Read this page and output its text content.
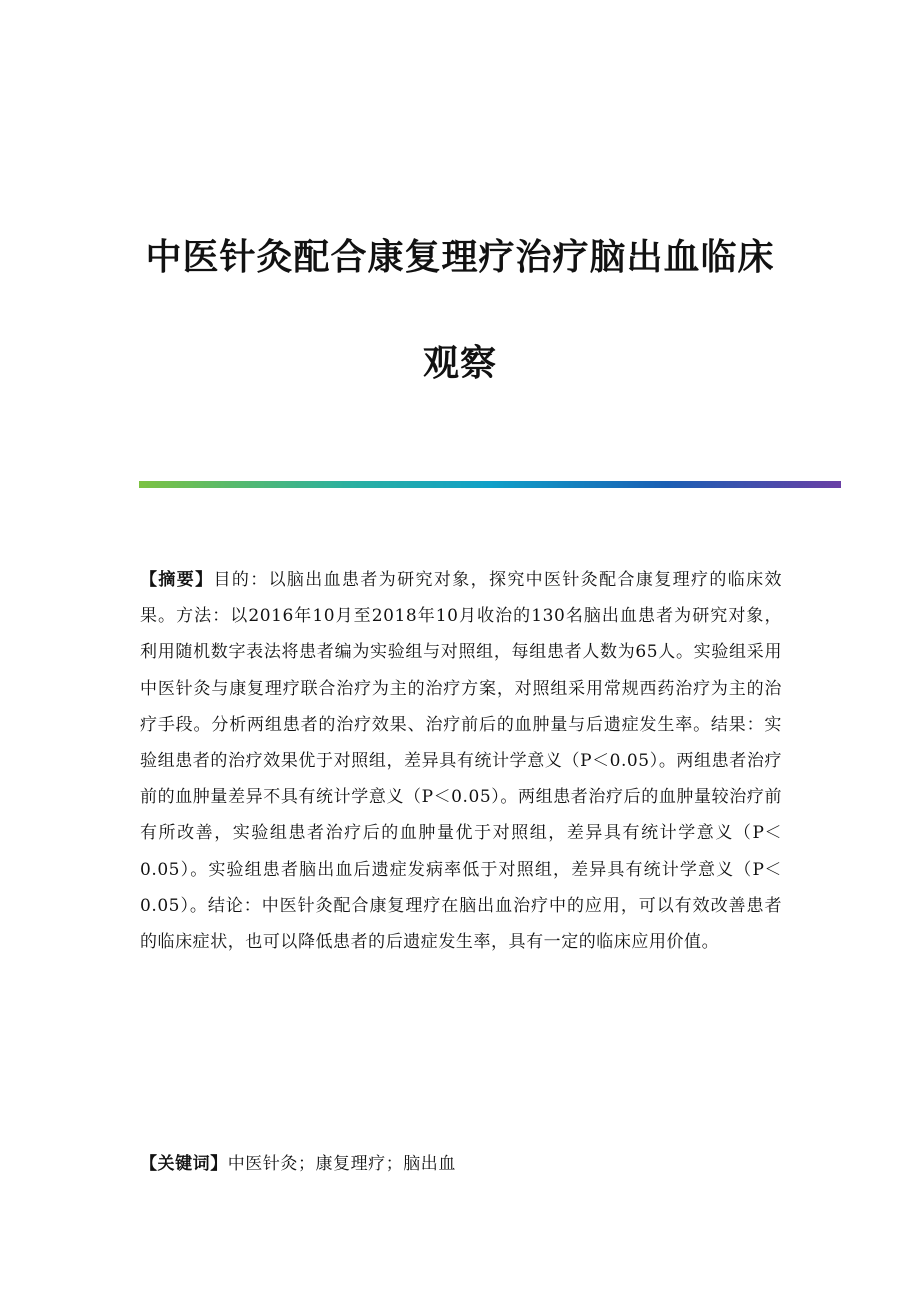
中医针灸配合康复理疗治疗脑出血临床
观察
【摘要】目的：以脑出血患者为研究对象，探究中医针灸配合康复理疗的临床效果。方法：以2016年10月至2018年10月收治的130名脑出血患者为研究对象，利用随机数字表法将患者编为实验组与对照组，每组患者人数为65人。实验组采用中医针灸与康复理疗联合治疗为主的治疗方案，对照组采用常规西药治疗为主的治疗手段。分析两组患者的治疗效果、治疗前后的血肿量与后遗症发生率。结果：实验组患者的治疗效果优于对照组，差异具有统计学意义（P＜0.05）。两组患者治疗前的血肿量差异不具有统计学意义（P＜0.05）。两组患者治疗后的血肿量较治疗前有所改善，实验组患者治疗后的血肿量优于对照组，差异具有统计学意义（P＜0.05）。实验组患者脑出血后遗症发病率低于对照组，差异具有统计学意义（P＜0.05）。结论：中医针灸配合康复理疗在脑出血治疗中的应用，可以有效改善患者的临床症状，也可以降低患者的后遗症发生率，具有一定的临床应用价值。
【关键词】中医针灸；康复理疗；脑出血
